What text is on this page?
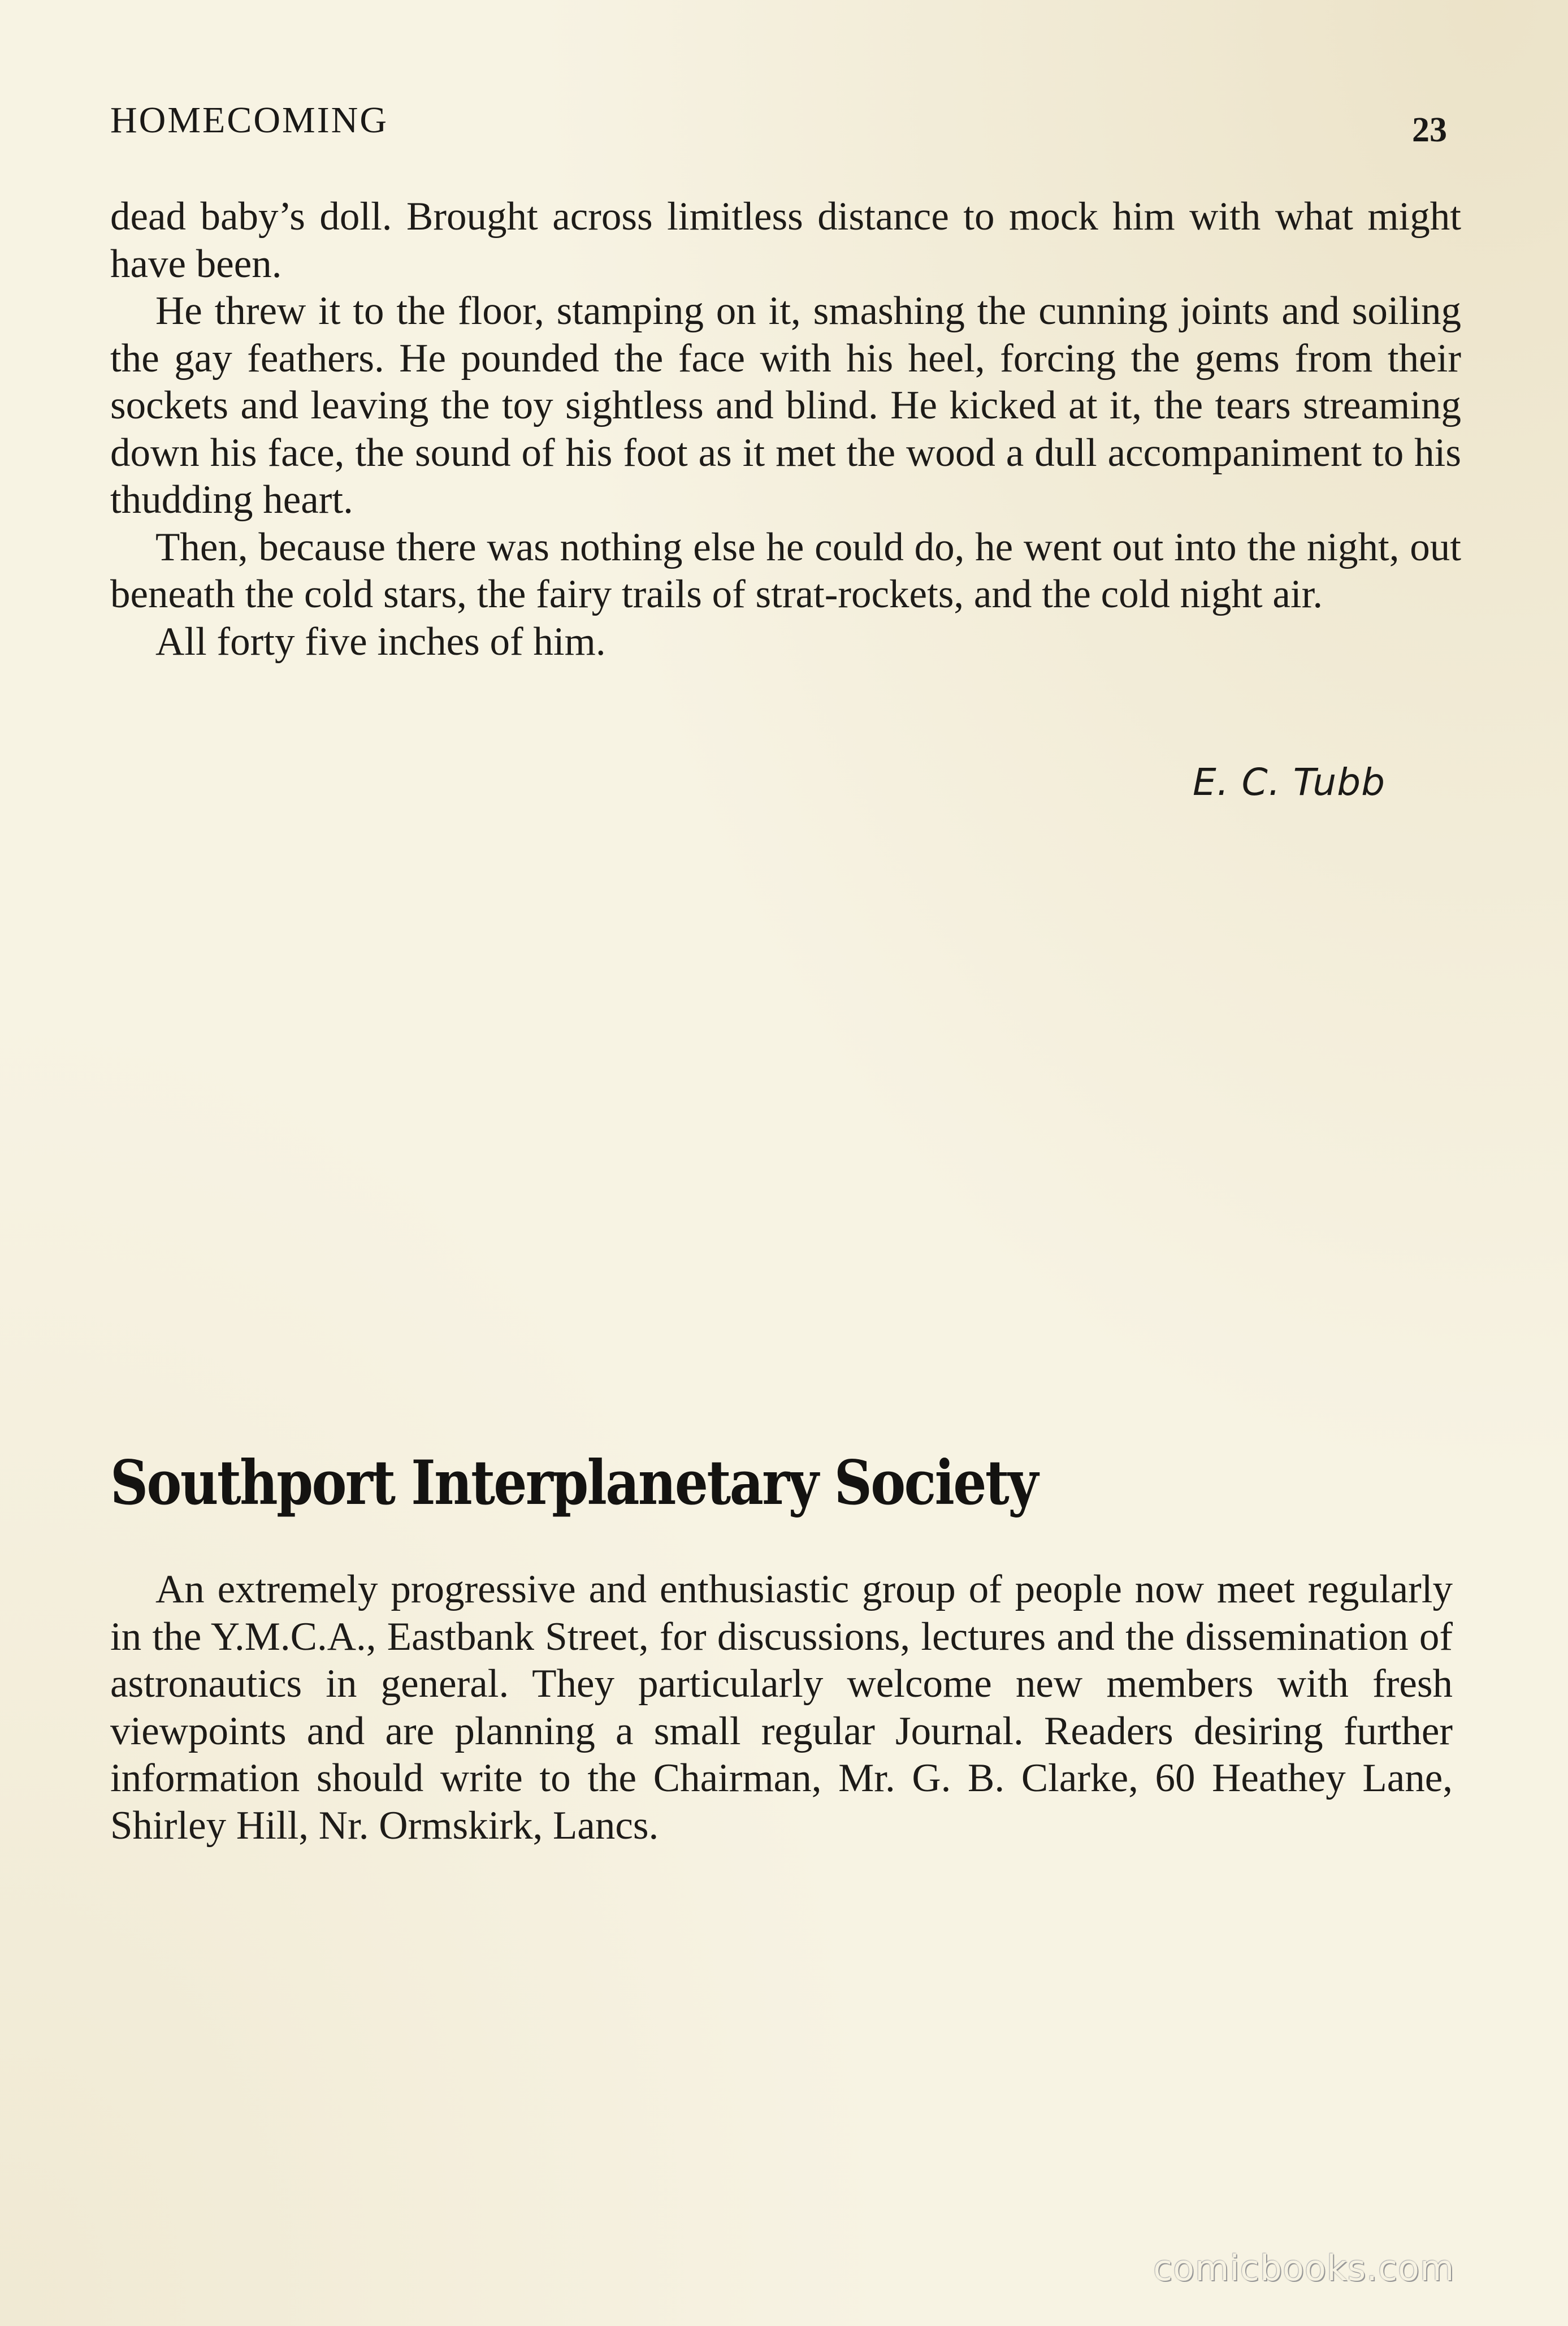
HOMECOMING	23

dead baby’s doll. Brought across limitless distance to mock him with what might have been.

He threw it to the floor, stamping on it, smashing the cunning joints and soiling the gay feathers. He pounded the face with his heel, forcing the gems from their sockets and leaving the toy sightless and blind. He kicked at it, the tears streaming down his face, the sound of his foot as it met the wood a dull accompaniment to his thudding heart.

Then, because there was nothing else he could do, he went out into the night, out beneath the cold stars, the fairy trails of strat-rockets, and the cold night air.

All forty five inches of him.

E. C. Tubb
Southport Interplanetary Society

An extremely progressive and enthusiastic group of people now meet regularly in the Y.M.C.A., Eastbank Street, for discussions, lectures and the dissemination of astronautics in general. They particularly welcome new members with fresh viewpoints and are planning a small regular Journal. Readers desiring further information should write to the Chairman, Mr. G. B. Clarke, 60 Heathey Lane, Shirley Hill, Nr. Ormskirk, Lancs.

comicbooks.com
